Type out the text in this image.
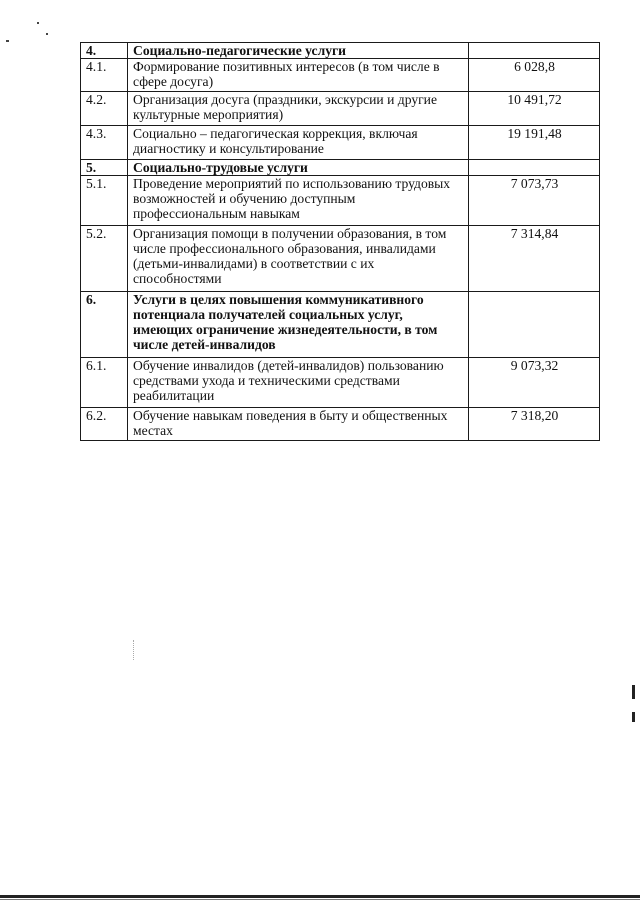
4.	Социально-педагогические услуги	
4.1.	Формирование позитивных интересов (в том числе в сфере досуга)	6 028,8
4.2.	Организация досуга (праздники, экскурсии и другие культурные мероприятия)	10 491,72
4.3.	Социально – педагогическая коррекция, включая диагностику и консультирование	19 191,48
5.	Социально-трудовые услуги	
5.1.	Проведение мероприятий по использованию трудовых возможностей и обучению доступным профессиональным навыкам	7 073,73
5.2.	Организация помощи в получении образования, в том числе профессионального образования, инвалидами (детьми-инвалидами) в соответствии с их способностями	7 314,84
6.	Услуги в целях повышения коммуникативного потенциала получателей социальных услуг, имеющих ограничение жизнедеятельности, в том числе детей-инвалидов	
6.1.	Обучение инвалидов (детей-инвалидов) пользованию средствами ухода и техническими средствами реабилитации	9 073,32
6.2.	Обучение навыкам поведения в быту и общественных местах	7 318,20
